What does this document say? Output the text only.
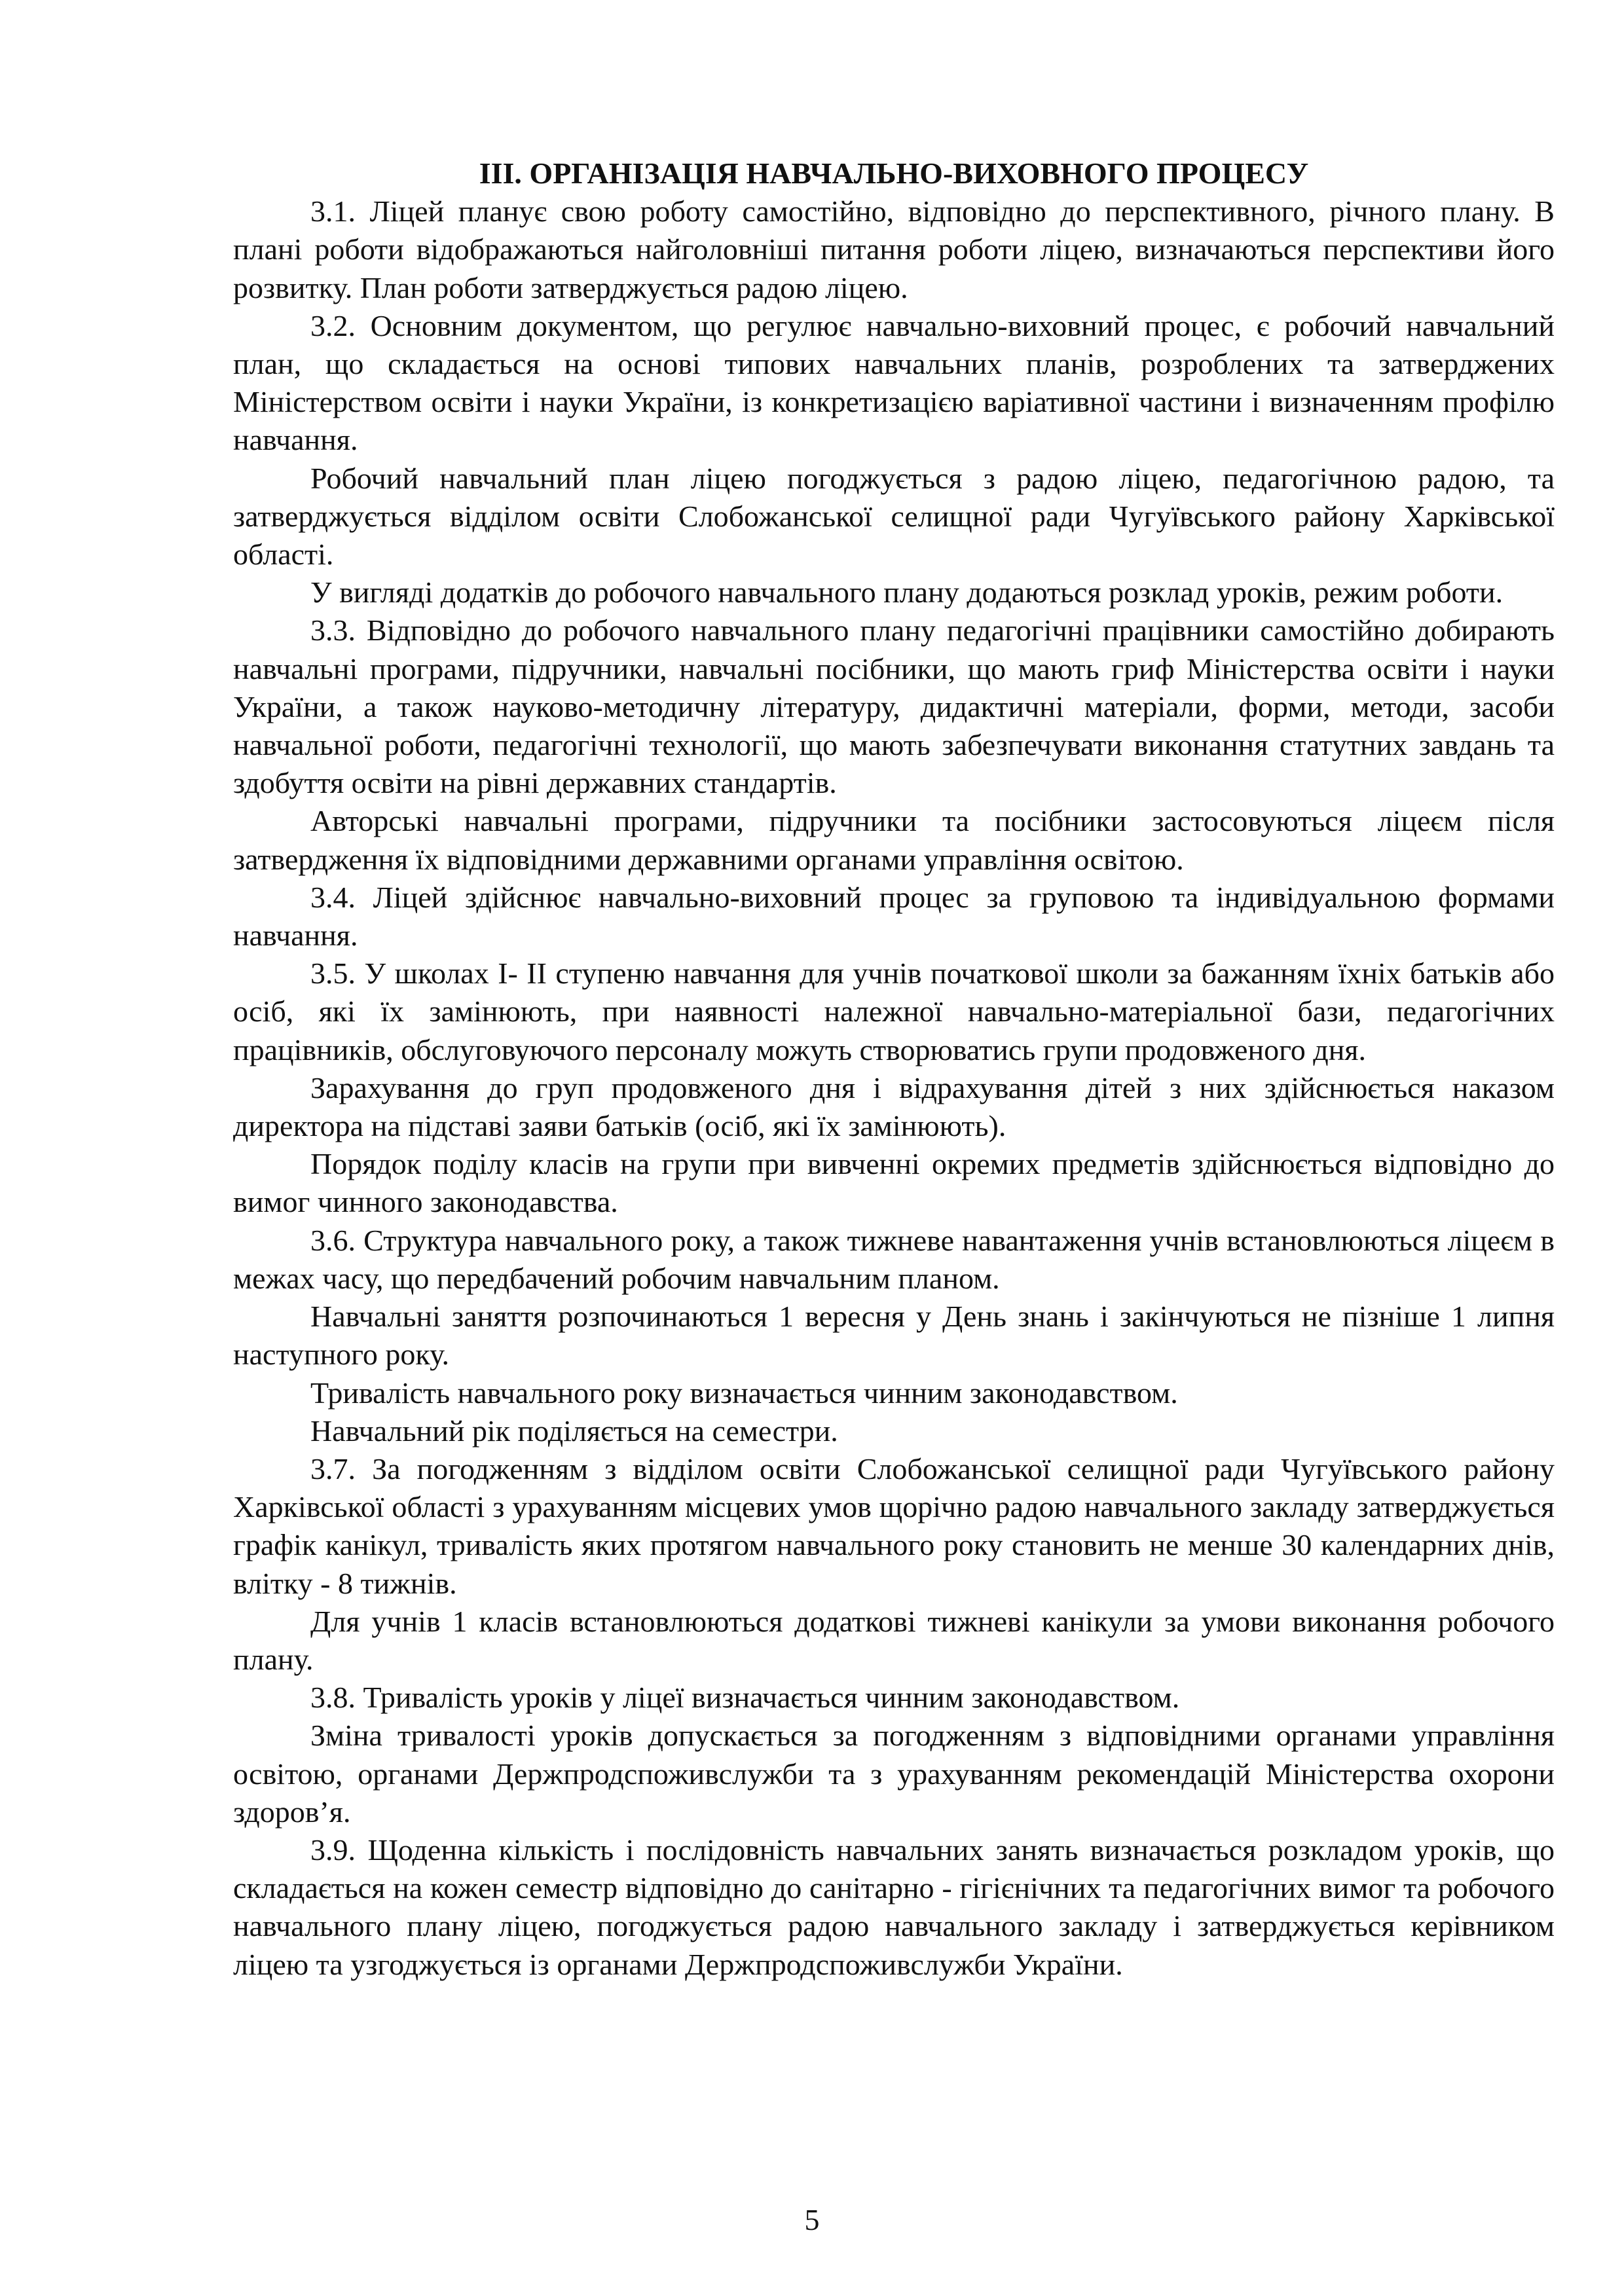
III. ОРГАНІЗАЦІЯ НАВЧАЛЬНО-ВИХОВНОГО ПРОЦЕСУ

3.1. Ліцей планує свою роботу самостійно, відповідно до перспективного, річного плану. В плані роботи відображаються найголовніші питання роботи ліцею, визначаються перспективи його розвитку. План роботи затверджується радою ліцею.

3.2. Основним документом, що регулює навчально-виховний процес, є робочий навчальний план, що складається на основі типових навчальних планів, розроблених та затверджених Міністерством освіти і науки України, із конкретизацією варіативної частини і визначенням профілю навчання.

Робочий навчальний план ліцею погоджується з радою ліцею, педагогічною радою, та затверджується відділом освіти Слобожанської селищної ради Чугуївського району Харківської області.

У вигляді додатків до робочого навчального плану додаються розклад уроків, режим роботи.

3.3. Відповідно до робочого навчального плану педагогічні працівники самостійно добирають навчальні програми, підручники, навчальні посібники, що мають гриф Міністерства освіти і науки України, а також науково-методичну літературу, дидактичні матеріали, форми, методи, засоби навчальної роботи, педагогічні технології, що мають забезпечувати виконання статутних завдань та здобуття освіти на рівні державних стандартів.

Авторські навчальні програми, підручники та посібники застосовуються ліцеєм після затвердження їх відповідними державними органами управління освітою.

3.4. Ліцей здійснює навчально-виховний процес за груповою та індивідуальною формами навчання.

3.5. У школах І- ІІ ступеню навчання для учнів початкової школи за бажанням їхніх батьків або осіб, які їх замінюють, при наявності належної навчально-матеріальної бази, педагогічних працівників, обслуговуючого персоналу можуть створюватись групи продовженого дня.

Зарахування до груп продовженого дня і відрахування дітей з них здійснюється наказом директора на підставі заяви батьків (осіб, які їх замінюють).

Порядок поділу класів на групи при вивченні окремих предметів здійснюється відповідно до вимог чинного законодавства.

3.6. Структура навчального року, а також тижневе навантаження учнів встановлюються ліцеєм в межах часу, що передбачений робочим навчальним планом.

Навчальні заняття розпочинаються 1 вересня у День знань і закінчуються не пізніше 1 липня наступного року.

Тривалість навчального року визначається чинним законодавством.

Навчальний рік поділяється на семестри.

3.7. За погодженням з відділом освіти Слобожанської селищної ради Чугуївського району Харківської області з урахуванням місцевих умов щорічно радою навчального закладу затверджується графік канікул, тривалість яких протягом навчального року становить не менше 30 календарних днів, влітку - 8 тижнів.

Для учнів 1 класів встановлюються додаткові тижневі канікули за умови виконання робочого плану.

3.8. Тривалість уроків у ліцеї визначається чинним законодавством.

Зміна тривалості уроків допускається за погодженням з відповідними органами управління освітою, органами Держпродспоживслужби та з урахуванням рекомендацій Міністерства охорони здоров’я.

3.9. Щоденна кількість і послідовність навчальних занять визначається розкладом уроків, що складається на кожен семестр відповідно до санітарно - гігієнічних та педагогічних вимог та робочого навчального плану ліцею, погоджується радою навчального закладу і затверджується керівником ліцею та узгоджується із органами Держпродспоживслужби України.

5
